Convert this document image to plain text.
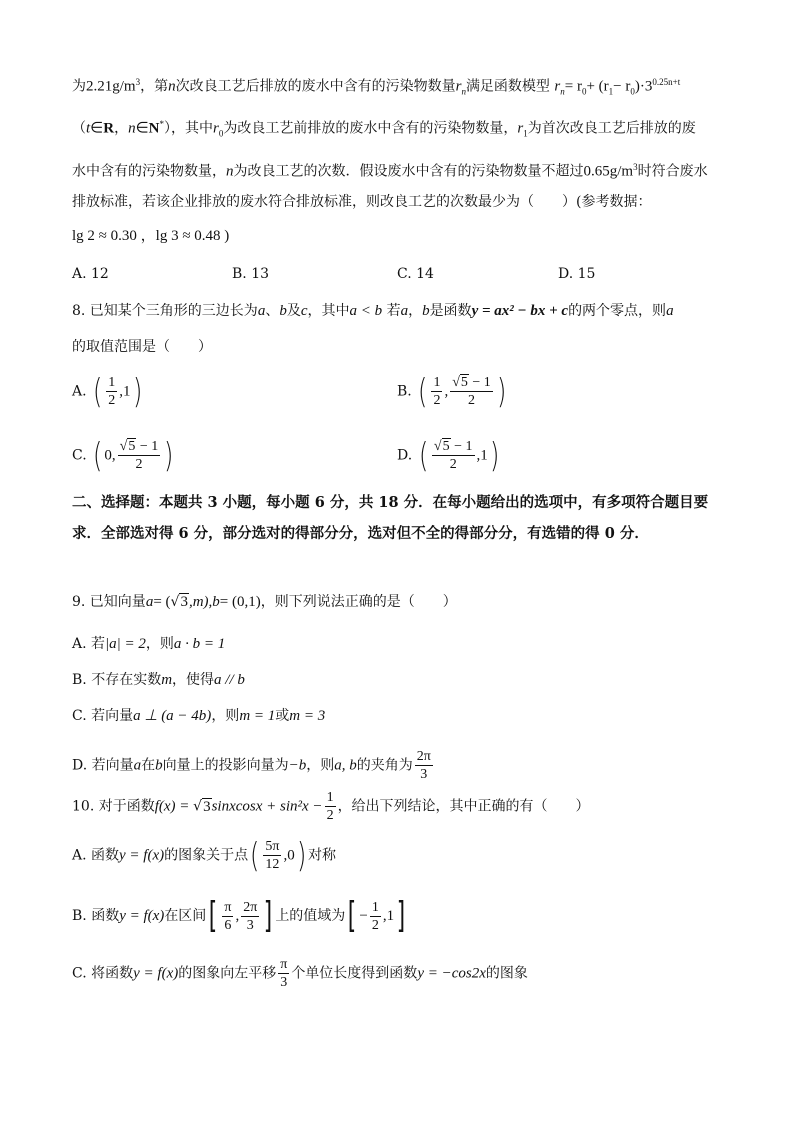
为$2.21g/m^3$，第n次改良工艺后排放的废水中含有的污染物数量$r_n$满足函数模型 $r_n= r_0+ (r_1- r_0)\cdot 3^{0.25n+t}$
（t∈R，n∈N*），其中$r_0$为改良工艺前排放的废水中含有的污染物数量，$r_1$为首次改良工艺后排放的废
水中含有的污染物数量，n为改良工艺的次数．假设废水中含有的污染物数量不超过$0.65g/m^3$时符合废水
排放标准，若该企业排放的废水符合排放标准，则改良工艺的次数最少为（　　）(参考数据：
lg 2 ≈ 0.30 ，lg 3 ≈ 0.48 )
A. 12	B. 13	C. 14	D. 15
8. 已知某个三角形的三边长为a、b及c，其中a < b 若a，b是函数y = ax² − bx + c的两个零点，则a
的取值范围是（　　）
A. ( $\frac{1}{2} ,1$)	B. ( $\frac{1}{2}$ , $\frac{√5 - 1}{2}$ )
C. ( 0, $\frac{√5 - 1}{2}$ )	D. ( $\frac{√5 - 1}{2} ,1$)
二、选择题：本题共 3 小题，每小题 6 分，共 18 分．在每小题给出的选项中，有多项符合题目要求．全部选对得 6 分，部分选对的得部分分，选对但不全的得部分分，有选错的得 0 分．
9. 已知向量a= (√3,m),b= (0,1)，则下列说法正确的是（　　）
A. 若|a| = 2，则a · b = 1
B. 不存在实数m，使得a // b
C. 若向量a ⊥ (a − 4b)，则m = 1或m = 3
D. 若向量a在b向量上的投影向量为−b，则a, b的夹角为 $\frac{2\pi}{3}$
10. 对于函数f(x) = √3sinxcosx + $\sin^2x - \frac{1}{2}$ ，给出下列结论，其中正确的有（　　）
A. 函数y = f(x)的图象关于点( $\frac{5\pi}{12} ,0$) 对称
B. 函数y = f(x)在区间[ $\frac{\pi}{6}$ , $\frac{2\pi}{3}$ ] 上的值域为[ − $\frac{1}{2} ,1$]
C. 将函数y = f(x)的图象向左平移 $\frac{\pi}{3}$ 个单位长度得到函数y = −cos2x的图象
